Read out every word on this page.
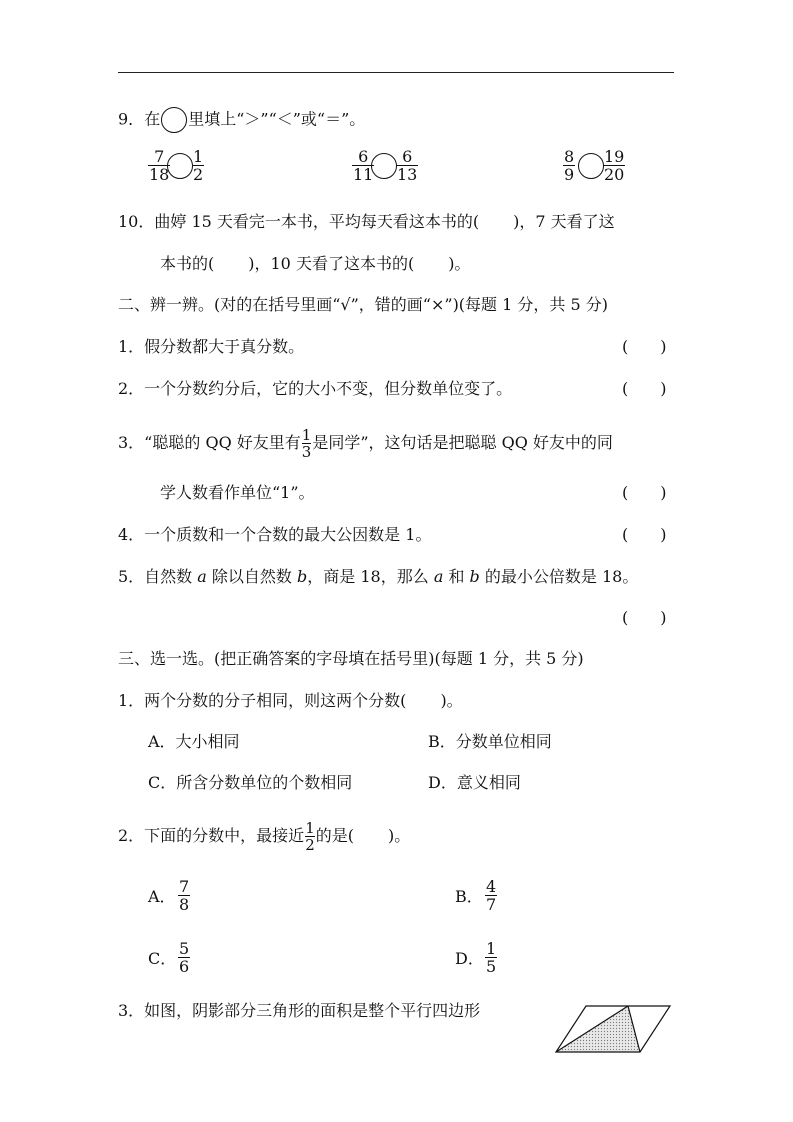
9．在 里填上“＞”“＜”或“＝”。
$\frac{7}{18} \frac{1}{2}$	$\frac{6}{11} \frac{6}{13}$	$\frac{8}{9} \frac{19}{20}$
10．曲婷 15 天看完一本书，平均每天看这本书的( )，7 天看了这
本书的( )，10 天看了这本书的( )。
二、辨一辨。(对的在括号里画“√”，错的画“×”)(每题 1 分，共 5 分)
1．假分数都大于真分数。	(　　)
2．一个分数约分后，它的大小不变，但分数单位变了。	(　　)
3．“聪聪的 QQ 好友里有 $\frac{1}{3}$ 是同学”，这句话是把聪聪 QQ 好友中的同
学人数看作单位“1”。	(　　)
4．一个质数和一个合数的最大公因数是 1。	(　　)
5．自然数 a 除以自然数 b，商是 18，那么 a 和 b 的最小公倍数是 18。
(　　)
三、选一选。(把正确答案的字母填在括号里)(每题 1 分，共 5 分)
1．两个分数的分子相同，则这两个分数( )。
A．大小相同	B．分数单位相同
C．所含分数单位的个数相同	D．意义相同
2．下面的分数中，最接近 $\frac{1}{2}$ 的是( )。
A． $\frac{7}{8}$	B． $\frac{4}{7}$
C． $\frac{5}{6}$	D． $\frac{1}{5}$
3．如图，阴影部分三角形的面积是整个平行四边形
